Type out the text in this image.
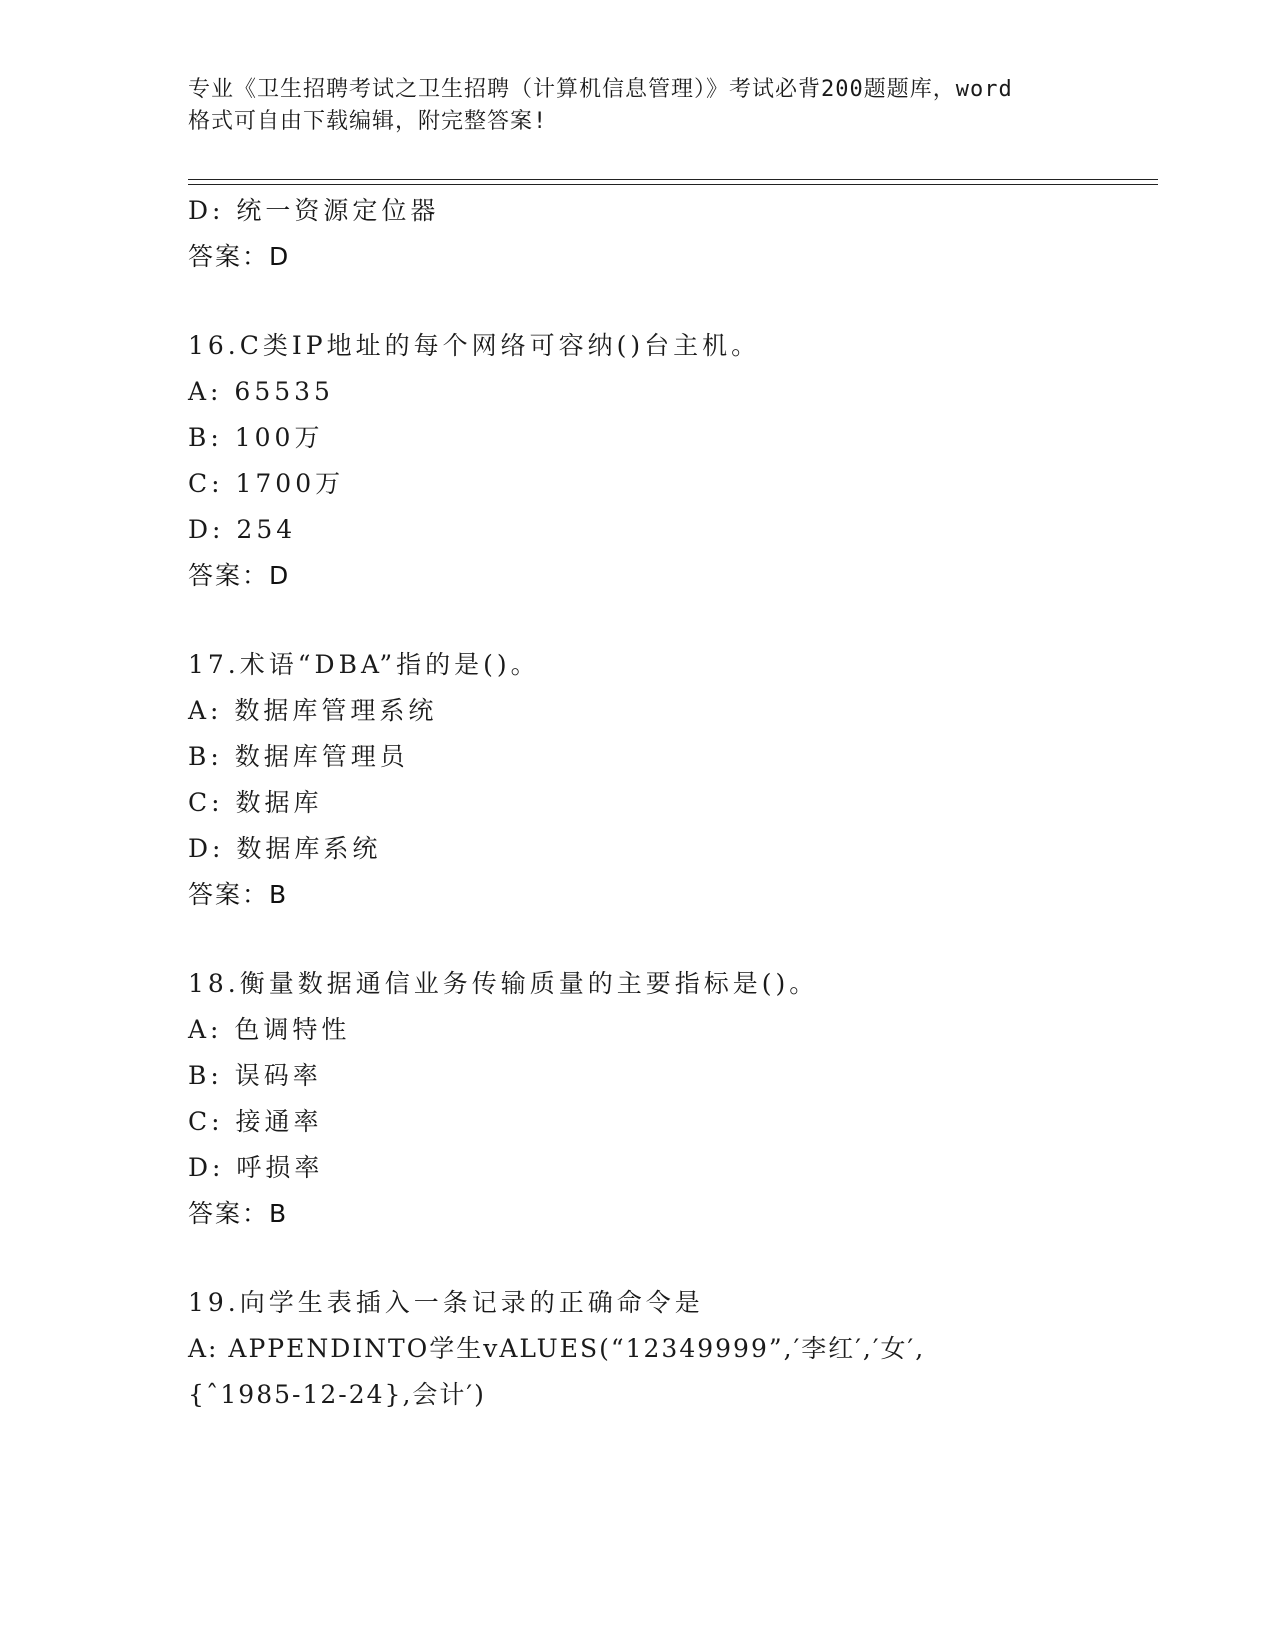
专业《卫生招聘考试之卫生招聘（计算机信息管理）》考试必背200题题库，word
格式可自由下载编辑，附完整答案!
D: 统一资源定位器
答案：D
16.C类IP地址的每个网络可容纳()台主机。
A: 65535
B: 100万
C: 1700万
D: 254
答案：D
17.术语“DBA”指的是()。
A: 数据库管理系统
B: 数据库管理员
C: 数据库
D: 数据库系统
答案：B
18.衡量数据通信业务传输质量的主要指标是()。
A: 色调特性
B: 误码率
C: 接通率
D: 呼损率
答案：B
19.向学生表插入一条记录的正确命令是
A: APPENDINTO学生vALUES(“12349999”,′李红′,′女′,
{ˆ1985-12-24},会计′)
